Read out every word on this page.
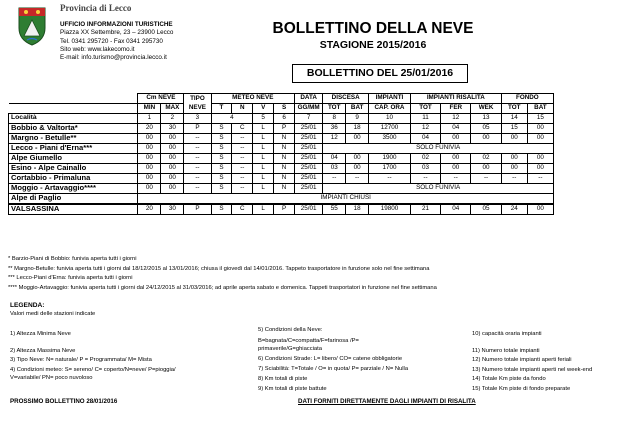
Provincia di Lecco
UFFICIO INFORMAZIONI TURISTICHE
Piazza XX Settembre, 23 – 23900 Lecco
Tel. 0341 295720 - Fax 0341 295730
Sito web: www.lakecomo.it
E-mail: info.turismo@provincia.lecco.it
BOLLETTINO DELLA NEVE
STAGIONE 2015/2016
BOLLETTINO DEL 25/01/2016
	Cm NEVE		TIPO NEVE	METEO NEVE				DATA	DISCESA		IMPIANTI	IMPIANTI RISALITA			FONDO	
	MIN	MAX		T	N	V	S	GG/MM	TOT	BAT	CAP. ORA	TOT	FER	WEK	TOT	BAT
Località	1	2	3	4		5	6	7	8	9	10	11	12	13	14	15
Bobbio & Valtorta*	20	30	P	S	C	L	P	25/01	36	18	12700	12	04	05	15	00
Margno - Betulle**	00	00	--	S	--	L	N	25/01	12	00	3500	04	00	00	00	00
Lecco - Piani d'Erna***	00	00	--	S	--	L	N	25/01	SOLO FUNIVIA							
Alpe Giumello	00	00	--	S	--	L	N	25/01	04	00	1900	02	00	02	00	00
Esino - Alpe Cainallo	00	00	--	S	--	L	N	25/01	03	00	1700	03	00	00	00	00
Cortabbio - Primaluna	00	00	--	S	--	L	N	25/01	--	--	--	--	--	--	--	--
Moggio - Artavaggio****	00	00	--	S	--	L	N	25/01	SOLO FUNIVIA							
Alpe di Paglio	IMPIANTI CHIUSI															
VALSASSINA	20	30	P	S	C	L	P	25/01	55	18	19800	21	04	05	24	00
* Barzio-Piani di Bobbio: funivia aperta tutti i giorni
** Margno-Betulle: funivia aperta tutti i giorni dal 18/12/2015 al 13/01/2016; chiusa il giovedì dal 14/01/2016. Tappeto trasportatore in funzione solo nel fine settimana
*** Lecco-Piani d'Erna: funivia aperta tutti i giorni
**** Moggio-Artavaggio: funivia aperta tutti i giorni dal 24/12/2015 al 31/03/2016; ad aprile aperta sabato e domenica. Tappeti trasportatori in funzione nel fine settimana
LEGENDA:
Valori medi delle stazioni indicate
1) Altezza Minima Neve
2) Altezza Massima Neve
3) Tipo Neve: N= naturale/ P = Programmata/ M= Mista
4) Condizioni meteo: S= sereno/ C= coperto/N=neve/ P=pioggia/
V=variabile/ PN= poco nuvoloso
5) Condizioni della Neve:
B=bagnata/C=compatta/F=farinosa /P=
primaverile/G=ghiacciata
6) Condizioni Strade: L= libero/ CO= catene obbligatorie
7) Sciabilità: T=Totale / O= in quota/ P= parziale / N= Nulla
8) Km totali di piste
9) Km totali di piste battute
10) capacità oraria impianti
11) Numero totale impianti
12) Numero totale impianti aperti feriali
13) Numero totale impianti aperti nel week-end
14) Totale Km piste da fondo
15) Totale Km piste di fondo preparate
PROSSIMO BOLLETTINO 28/01/2016	DATI FORNITI DIRETTAMENTE DAGLI IMPIANTI DI RISALITA
